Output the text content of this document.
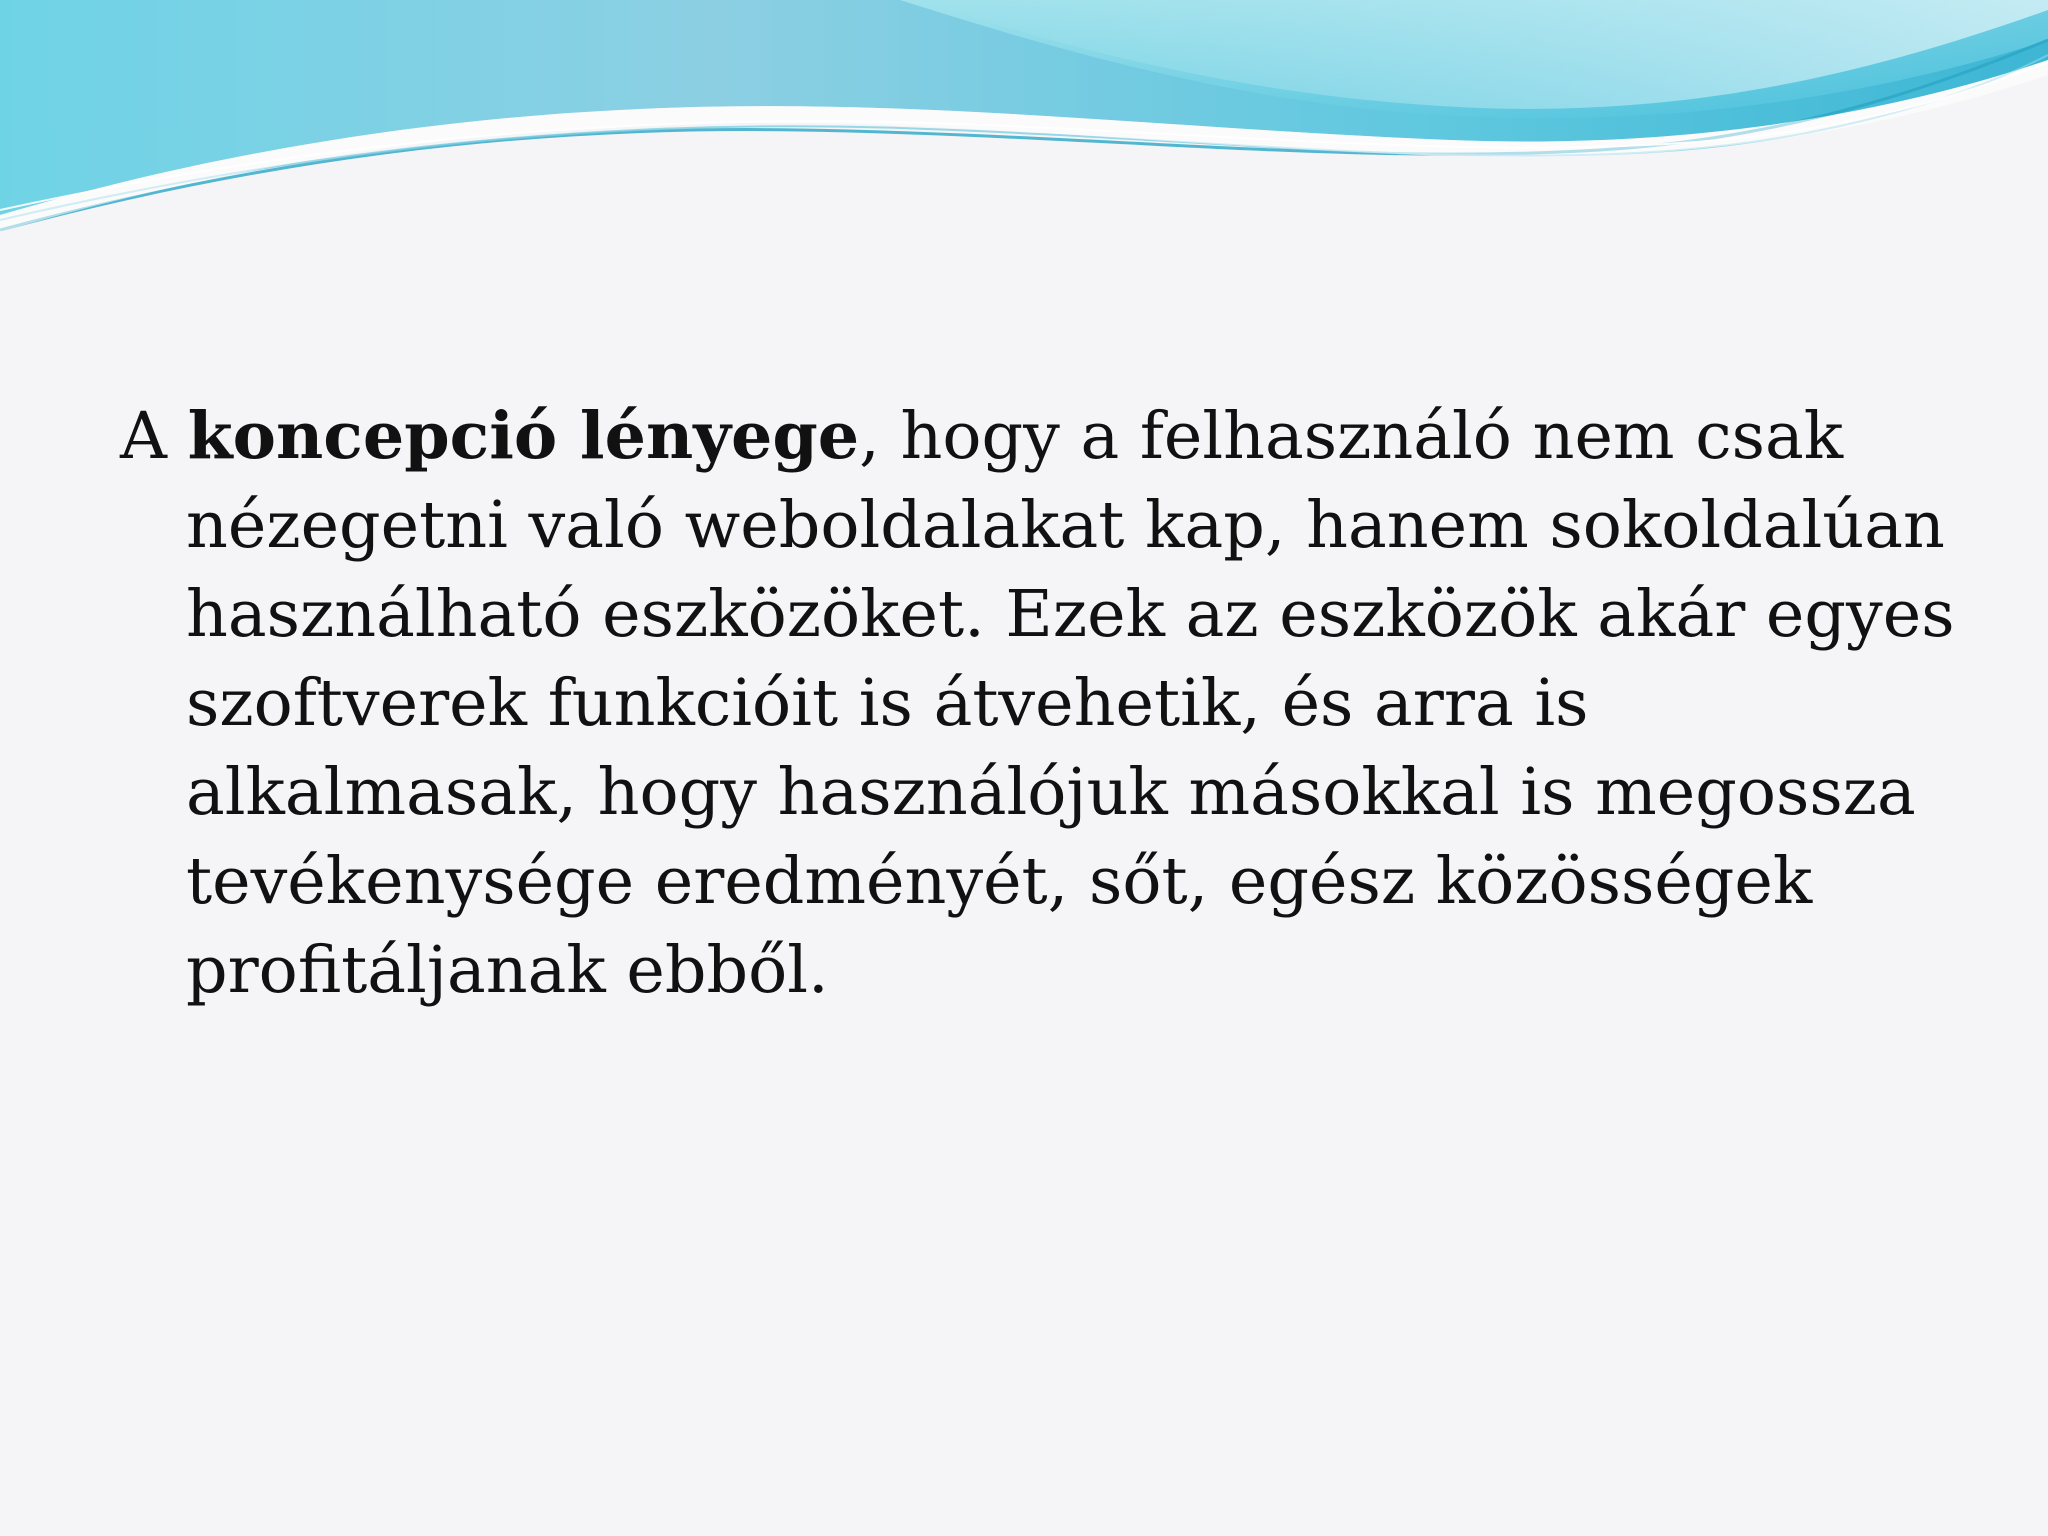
A koncepció lényege, hogy a felhasználó nem csak nézegetni való weboldalakat kap, hanem sokoldalúan használható eszközöket. Ezek az eszközök akár egyes szoftverek funkcióit is átvehetik, és arra is alkalmasak, hogy használójuk másokkal is megossza tevékenysége eredményét, sőt, egész közösségek profitáljanak ebből.
